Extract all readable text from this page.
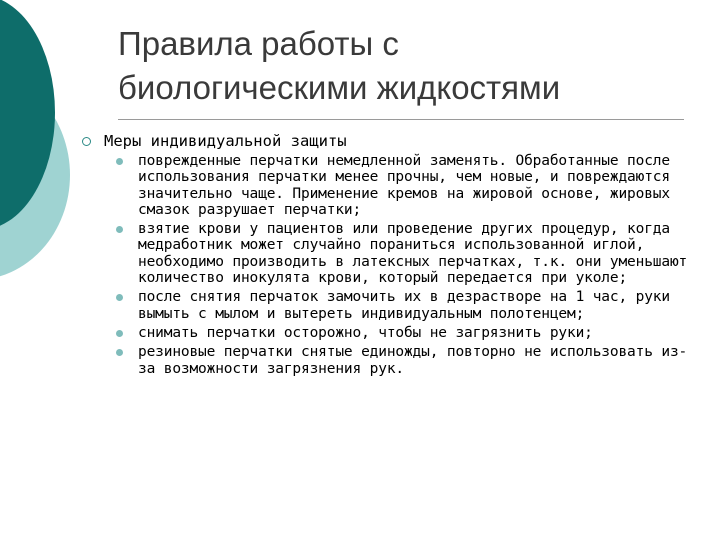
Правила работы с
биологическими жидкостями
Меры индивидуальной защиты
поврежденные перчатки немедленной заменять. Обработанные после использования перчатки менее прочны, чем новые, и повреждаются значительно чаще. Применение кремов на жировой основе, жировых смазок разрушает перчатки;
взятие крови у пациентов или проведение других процедур, когда медработник может случайно пораниться использованной иглой, необходимо производить в латексных перчатках, т.к. они уменьшают количество инокулята крови, который передается при уколе;
после снятия перчаток замочить их в дезрастворе на 1 час, руки вымыть с мылом и вытереть индивидуальным полотенцем;
снимать перчатки осторожно, чтобы не загрязнить руки;
резиновые перчатки снятые единожды, повторно не использовать из-за возможности загрязнения рук.
